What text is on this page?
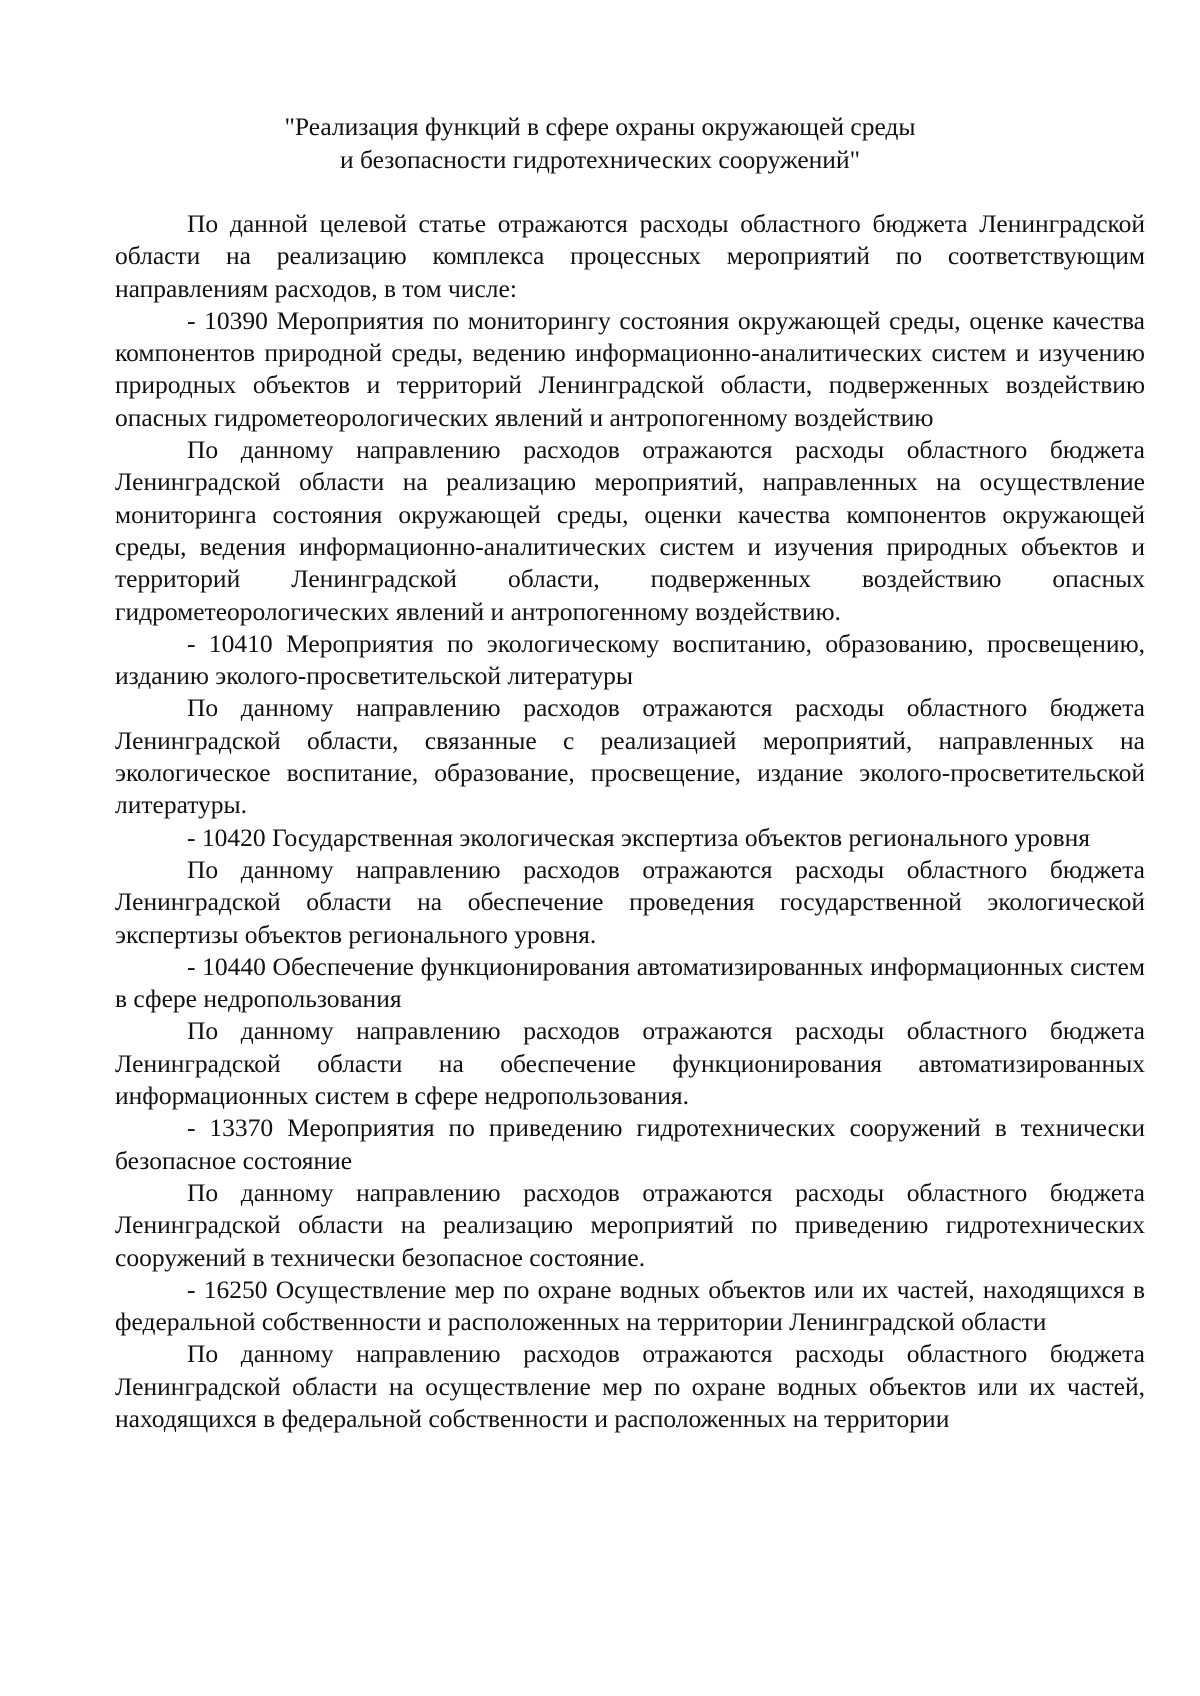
"Реализация функций в сфере охраны окружающей среды
и безопасности гидротехнических сооружений"

По данной целевой статье отражаются расходы областного бюджета Ленинградской области на реализацию комплекса процессных мероприятий по соответствующим направлениям расходов, в том числе:

- 10390 Мероприятия по мониторингу состояния окружающей среды, оценке качества компонентов природной среды, ведению информационно-аналитических систем и изучению природных объектов и территорий Ленинградской области, подверженных воздействию опасных гидрометеорологических явлений и антропогенному воздействию

По данному направлению расходов отражаются расходы областного бюджета Ленинградской области на реализацию мероприятий, направленных на осуществление мониторинга состояния окружающей среды, оценки качества компонентов окружающей среды, ведения информационно-аналитических систем и изучения природных объектов и территорий Ленинградской области, подверженных воздействию опасных гидрометеорологических явлений и антропогенному воздействию.

- 10410 Мероприятия по экологическому воспитанию, образованию, просвещению, изданию эколого-просветительской литературы

По данному направлению расходов отражаются расходы областного бюджета Ленинградской области, связанные с реализацией мероприятий, направленных на экологическое воспитание, образование, просвещение, издание эколого-просветительской литературы.

- 10420 Государственная экологическая экспертиза объектов регионального уровня

По данному направлению расходов отражаются расходы областного бюджета Ленинградской области на обеспечение проведения государственной экологической экспертизы объектов регионального уровня.

- 10440 Обеспечение функционирования автоматизированных информационных систем в сфере недропользования

По данному направлению расходов отражаются расходы областного бюджета Ленинградской области на обеспечение функционирования автоматизированных информационных систем в сфере недропользования.

- 13370 Мероприятия по приведению гидротехнических сооружений в технически безопасное состояние

По данному направлению расходов отражаются расходы областного бюджета Ленинградской области на реализацию мероприятий по приведению гидротехнических сооружений в технически безопасное состояние.

- 16250 Осуществление мер по охране водных объектов или их частей, находящихся в федеральной собственности и расположенных на территории Ленинградской области

По данному направлению расходов отражаются расходы областного бюджета Ленинградской области на осуществление мер по охране водных объектов или их частей, находящихся в федеральной собственности и расположенных на территории
